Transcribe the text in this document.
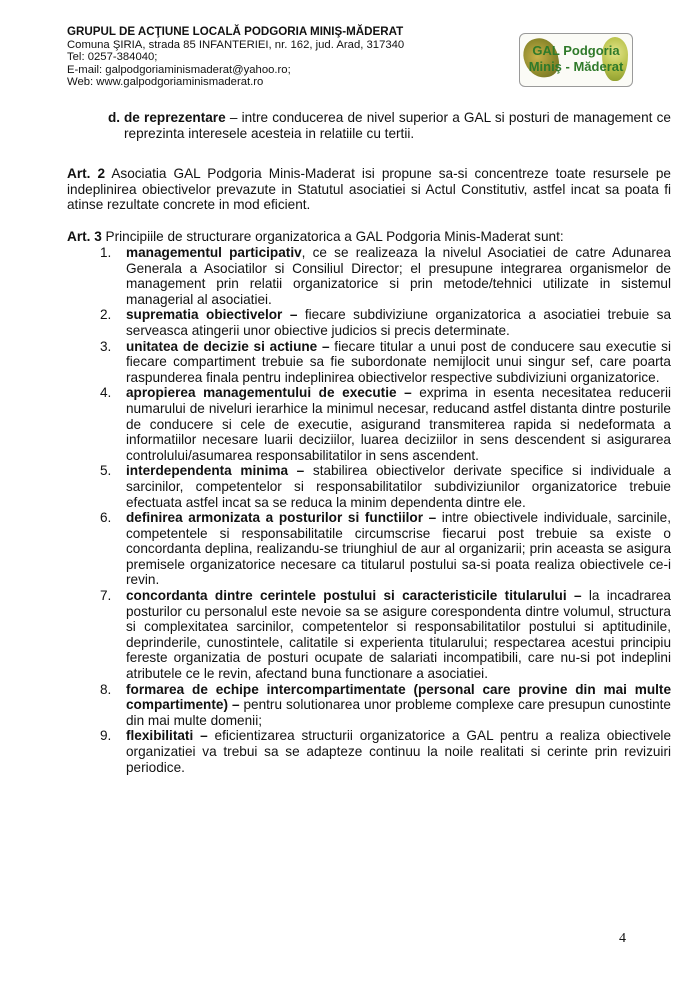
GRUPUL DE ACŢIUNE LOCALĂ PODGORIA MINIŞ-MĂDERAT
Comuna ŞIRIA, strada 85 INFANTERIEI, nr. 162, jud. Arad, 317340
Tel: 0257-384040;
E-mail: galpodgoriaminismaderat@yahoo.ro;
Web: www.galpodgoriaminismaderat.ro
GAL Podgoria
Miniş - Măderat
d. de reprezentare – intre conducerea de nivel superior a GAL si posturi de management ce reprezinta interesele acesteia in relatiile cu tertii.
Art. 2 Asociatia GAL Podgoria Minis-Maderat isi propune sa-si concentreze toate resursele pe indeplinirea obiectivelor prevazute in Statutul asociatiei si Actul Constitutiv, astfel incat sa poata fi atinse rezultate concrete in mod eficient.
Art. 3 Principiile de structurare organizatorica a GAL Podgoria Minis-Maderat sunt:
1. managementul participativ, ce se realizeaza la nivelul Asociatiei de catre Adunarea Generala a Asociatilor si Consiliul Director; el presupune integrarea organismelor de management prin relatii organizatorice si prin metode/tehnici utilizate in sistemul managerial al asociatiei.
2. suprematia obiectivelor – fiecare subdiviziune organizatorica a asociatiei trebuie sa serveasca atingerii unor obiective judicios si precis determinate.
3. unitatea de decizie si actiune – fiecare titular a unui post de conducere sau executie si fiecare compartiment trebuie sa fie subordonate nemijlocit unui singur sef, care poarta raspunderea finala pentru indeplinirea obiectivelor respective subdiviziuni organizatorice.
4. apropierea managementului de executie – exprima in esenta necesitatea reducerii numarului de niveluri ierarhice la minimul necesar, reducand astfel distanta dintre posturile de conducere si cele de executie, asigurand transmiterea rapida si nedeformata a informatiilor necesare luarii deciziilor, luarea deciziilor in sens descendent si asigurarea controlului/asumarea responsabilitatilor in sens ascendent.
5. interdependenta minima – stabilirea obiectivelor derivate specifice si individuale a sarcinilor, competentelor si responsabilitatilor subdiviziunilor organizatorice trebuie efectuata astfel incat sa se reduca la minim dependenta dintre ele.
6. definirea armonizata a posturilor si functiilor – intre obiectivele individuale, sarcinile, competentele si responsabilitatile circumscrise fiecarui post trebuie sa existe o concordanta deplina, realizandu-se triunghiul de aur al organizarii; prin aceasta se asigura premisele organizatorice necesare ca titularul postului sa-si poata realiza obiectivele ce-i revin.
7. concordanta dintre cerintele postului si caracteristicile titularului – la incadrarea posturilor cu personalul este nevoie sa se asigure corespondenta dintre volumul, structura si complexitatea sarcinilor, competentelor si responsabilitatilor postului si aptitudinile, deprinderile, cunostintele, calitatile si experienta titularului; respectarea acestui principiu fereste organizatia de posturi ocupate de salariati incompatibili, care nu-si pot indeplini atributele ce le revin, afectand buna functionare a asociatiei.
8. formarea de echipe intercompartimentate (personal care provine din mai multe compartimente) – pentru solutionarea unor probleme complexe care presupun cunostinte din mai multe domenii;
9. flexibilitati – eficientizarea structurii organizatorice a GAL pentru a realiza obiectivele organizatiei va trebui sa se adapteze continuu la noile realitati si cerinte prin revizuiri periodice.
4
